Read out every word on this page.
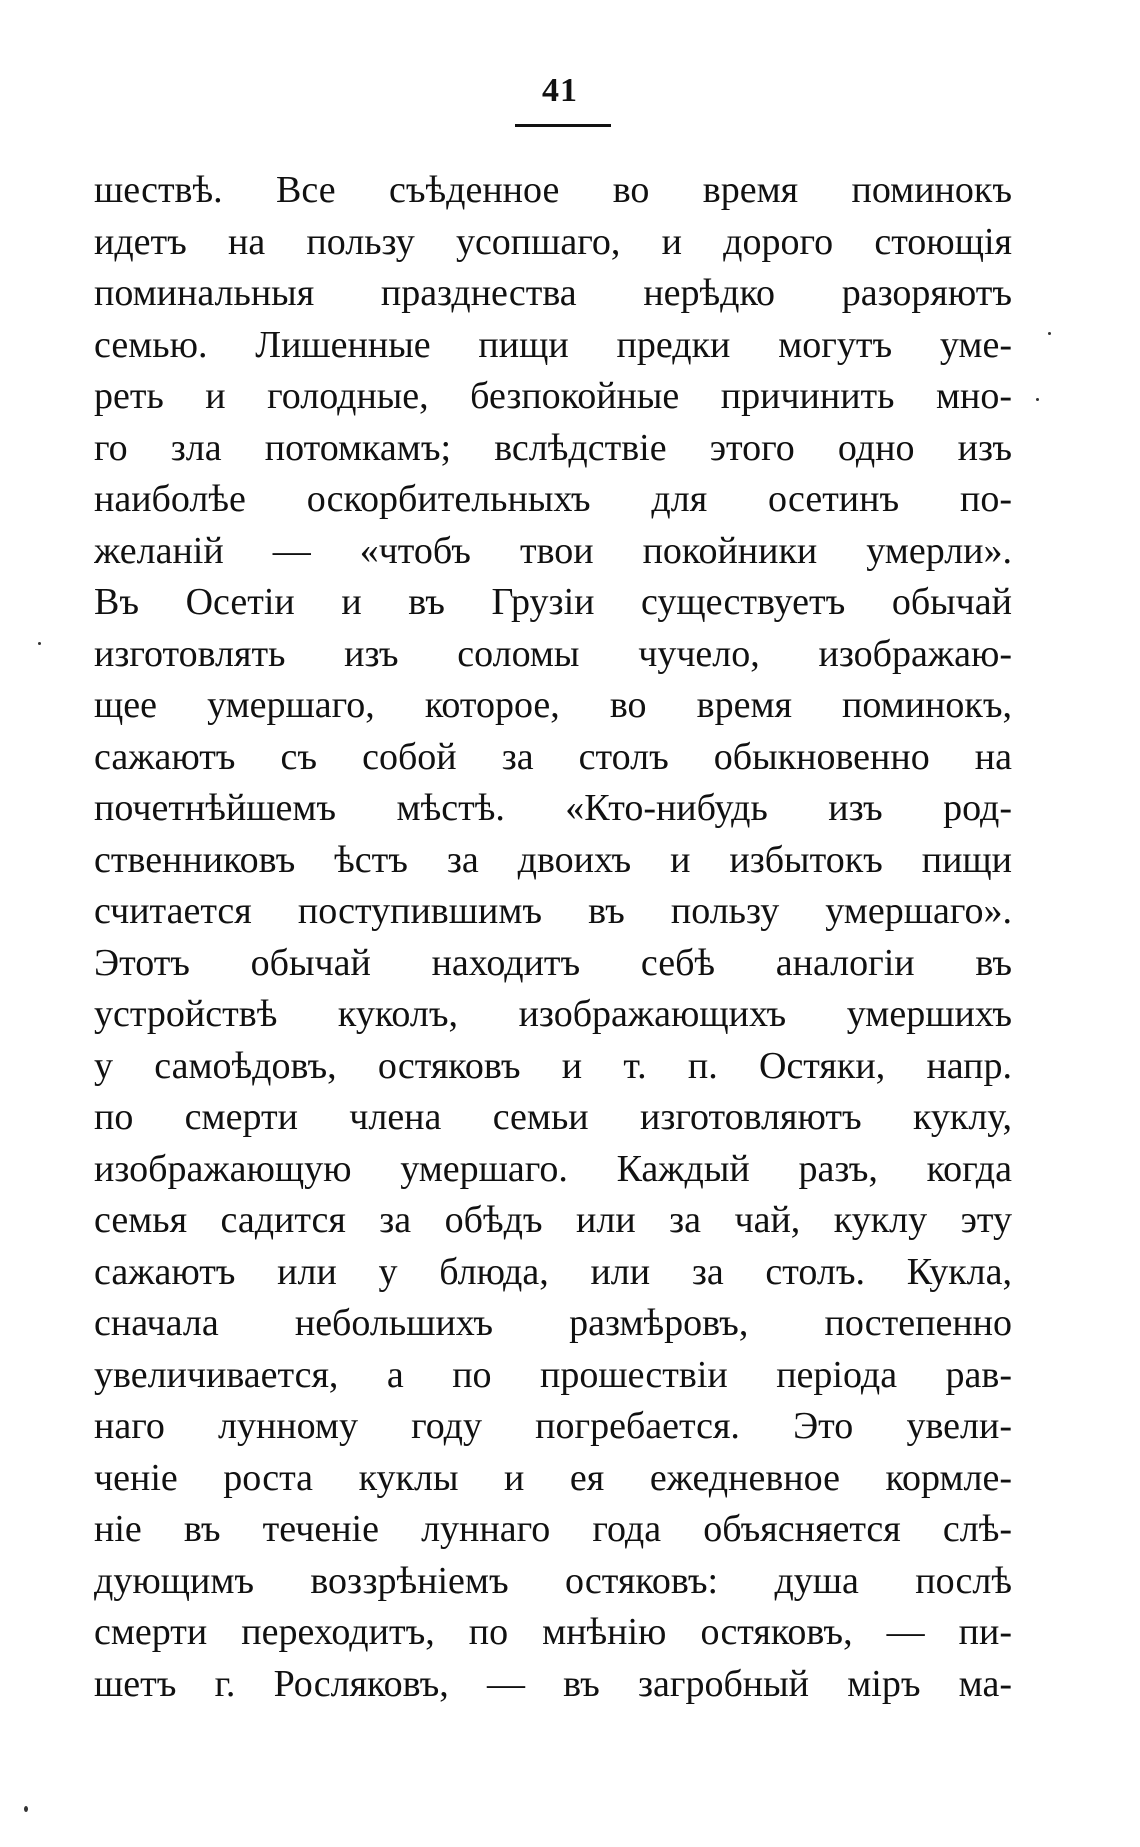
41
шествѣ. Все съѣденное во время поминокъ
идетъ на пользу усопшаго, и дорого стоющія
поминальныя празднества нерѣдко разоряютъ
семью. Лишенные пищи предки могутъ уме-
реть и голодные, безпокойные причинить мно-
го зла потомкамъ; вслѣдствіе этого одно изъ
наиболѣе оскорбительныхъ для осетинъ по-
желаній — «чтобъ твои покойники умерли».
Въ Осетіи и въ Грузіи существуетъ обычай
изготовлять изъ соломы чучело, изображаю-
щее умершаго, которое, во время поминокъ,
сажаютъ съ собой за столъ обыкновенно на
почетнѣйшемъ мѣстѣ. «Кто-нибудь изъ род-
ственниковъ ѣстъ за двоихъ и избытокъ пищи
считается поступившимъ въ пользу умершаго».
Этотъ обычай находитъ себѣ аналогіи въ
устройствѣ куколъ, изображающихъ умершихъ
у самоѣдовъ, остяковъ и т. п. Остяки, напр.
по смерти члена семьи изготовляютъ куклу,
изображающую умершаго. Каждый разъ, когда
семья садится за обѣдъ или за чай, куклу эту
сажаютъ или у блюда, или за столъ. Кукла,
сначала небольшихъ размѣровъ, постепенно
увеличивается, а по прошествіи періода рав-
наго лунному году погребается. Это увели-
ченіе роста куклы и ея ежедневное кормле-
ніе въ теченіе луннаго года объясняется слѣ-
дующимъ воззрѣніемъ остяковъ: душа послѣ
смерти переходитъ, по мнѣнію остяковъ, — пи-
шетъ г. Росляковъ, — въ загробный міръ ма-
